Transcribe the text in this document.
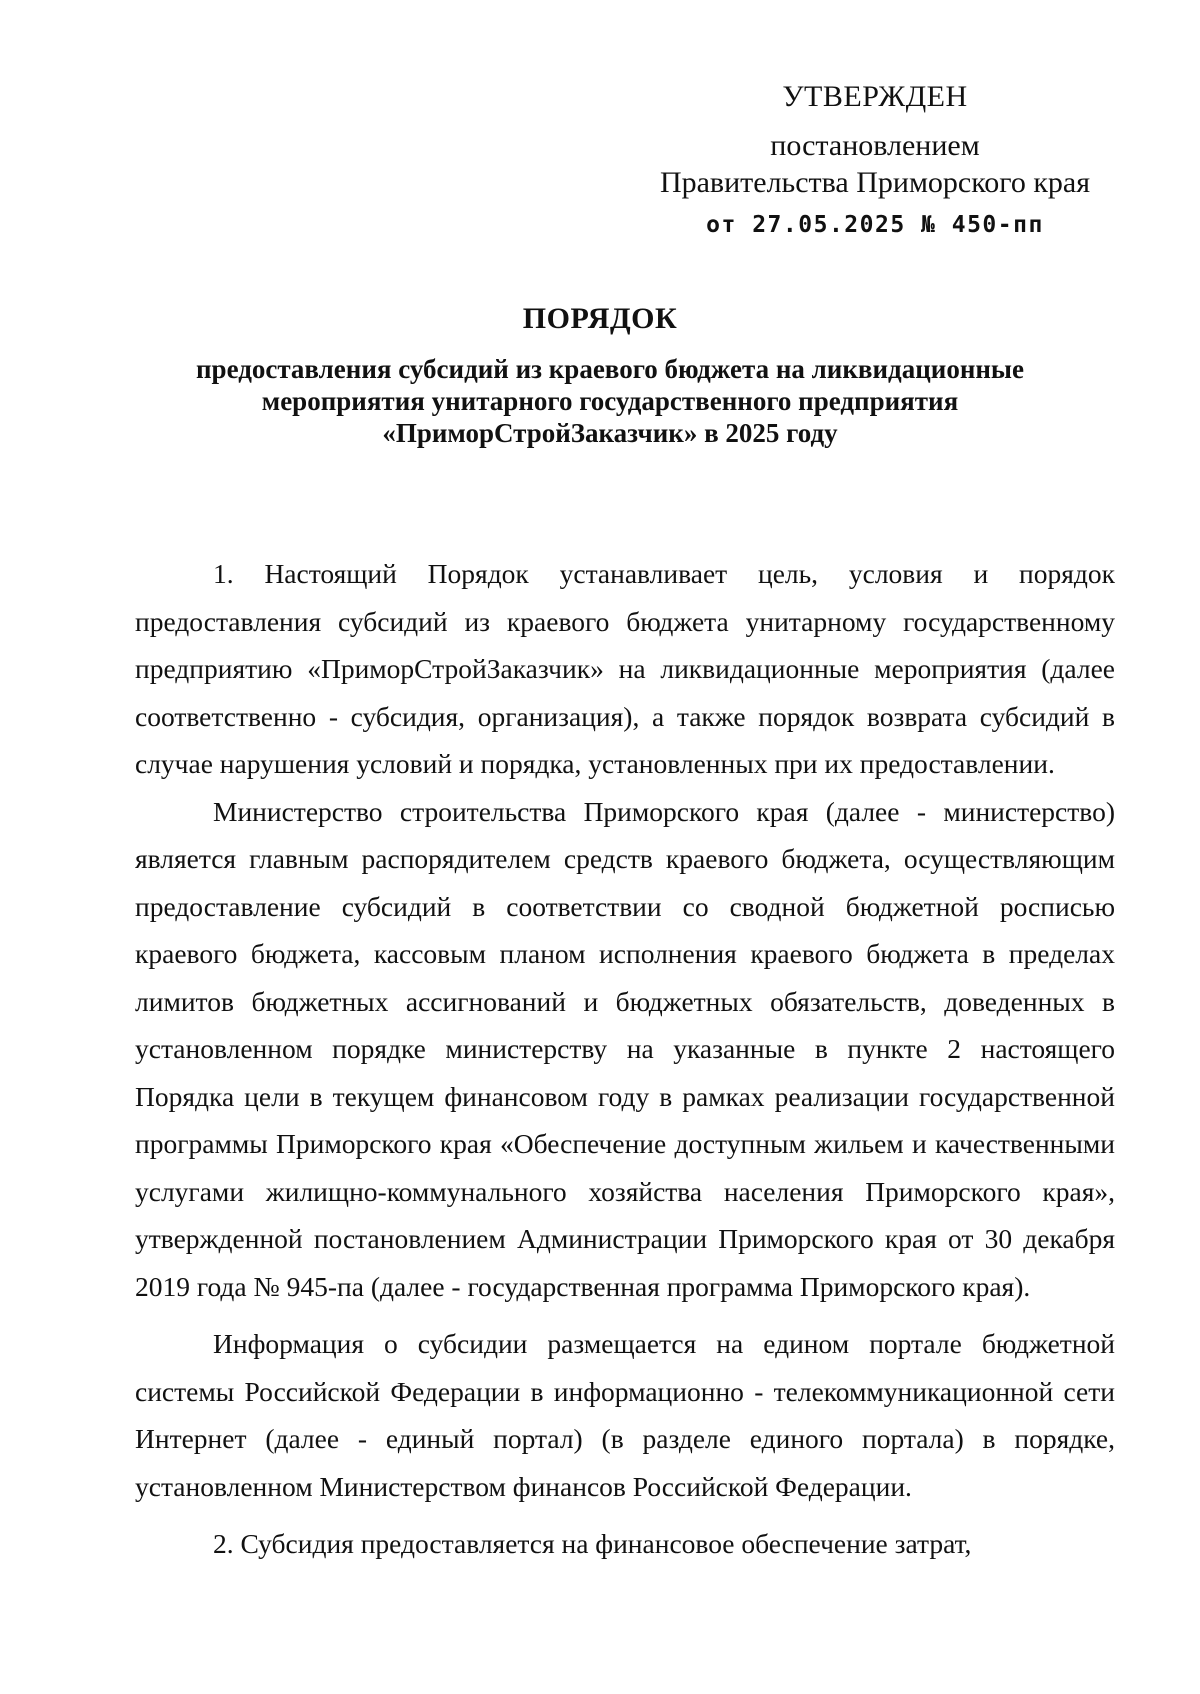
УТВЕРЖДЕН
постановлением
Правительства Приморского края
от 27.05.2025 № 450-пп
ПОРЯДОК
предоставления субсидий из краевого бюджета на ликвидационные
мероприятия унитарного государственного предприятия
«ПриморСтройЗаказчик» в 2025 году

1. Настоящий Порядок устанавливает цель, условия и порядок предоставления субсидий из краевого бюджета унитарному государственному предприятию «ПриморСтройЗаказчик» на ликвидационные мероприятия (далее соответственно - субсидия, организация), а также порядок возврата субсидий в случае нарушения условий и порядка, установленных при их предоставлении.

Министерство строительства Приморского края (далее - министерство) является главным распорядителем средств краевого бюджета, осуществляющим предоставление субсидий в соответствии со сводной бюджетной росписью краевого бюджета, кассовым планом исполнения краевого бюджета в пределах лимитов бюджетных ассигнований и бюджетных обязательств, доведенных в установленном порядке министерству на указанные в пункте 2 настоящего Порядка цели в текущем финансовом году в рамках реализации государственной программы Приморского края «Обеспечение доступным жильем и качественными услугами жилищно-коммунального хозяйства населения Приморского края», утвержденной постановлением Администрации Приморского края от 30 декабря 2019 года № 945-па (далее - государственная программа Приморского края).

Информация о субсидии размещается на едином портале бюджетной системы Российской Федерации в информационно - телекоммуникационной сети Интернет (далее - единый портал) (в разделе единого портала) в порядке, установленном Министерством финансов Российской Федерации.

2. Субсидия предоставляется на финансовое обеспечение затрат,
